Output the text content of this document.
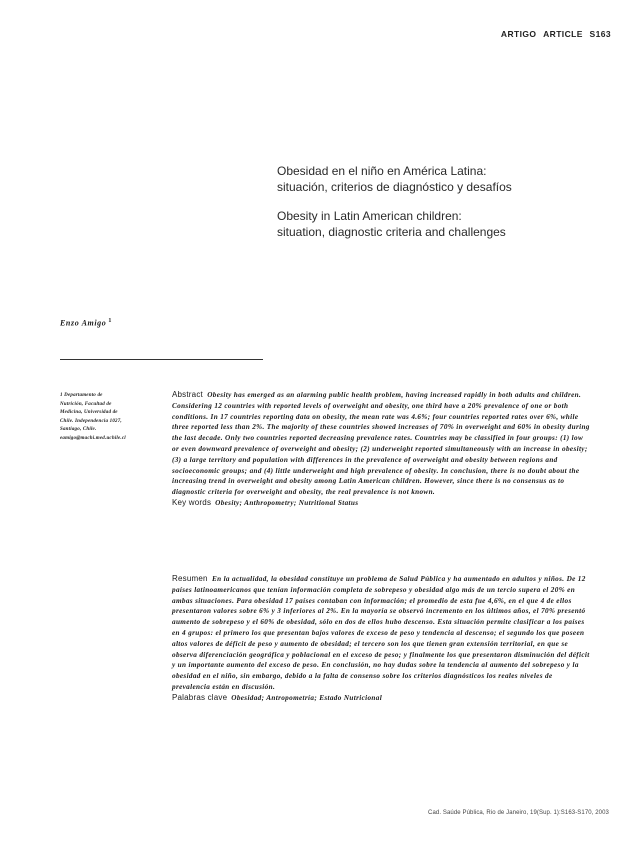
ARTIGO ARTICLE S163
Obesidad en el niño en América Latina:
situación, criterios de diagnóstico y desafíos
Obesity in Latin American children:
situation, diagnostic criteria and challenges
Enzo Amigo $^1$
1 Departamento de
Nutrición, Facultad de
Medicina, Universidad de
Chile. Independencia 1027,
Santiago, Chile.
eamigo@machi.med.uchile.cl
Abstract Obesity has emerged as an alarming public health problem, having increased rapidly in both adults and children. Considering 12 countries with reported levels of overweight and obesity, one third have a 20% prevalence of one or both conditions. In 17 countries reporting data on obesity, the mean rate was 4.6%; four countries reported rates over 6%, while three reported less than 2%. The majority of these countries showed increases of 70% in overweight and 60% in obesity during the last decade. Only two countries reported decreasing prevalence rates. Countries may be classified in four groups: (1) low or even downward prevalence of overweight and obesity; (2) underweight reported simultaneously with an increase in obesity; (3) a large territory and population with differences in the prevalence of overweight and obesity between regions and socioeconomic groups; and (4) little underweight and high prevalence of obesity. In conclusion, there is no doubt about the increasing trend in overweight and obesity among Latin American children. However, since there is no consensus as to diagnostic criteria for overweight and obesity, the real prevalence is not known.
Key words Obesity; Anthropometry; Nutritional Status
Resumen En la actualidad, la obesidad constituye un problema de Salud Pública y ha aumentado en adultos y niños. De 12 países latinoamericanos que tenían información completa de sobrepeso y obesidad algo más de un tercio supera el 20% en ambas situaciones. Para obesidad 17 países contaban con información; el promedio de esta fue 4,6%, en el que 4 de ellos presentaron valores sobre 6% y 3 inferiores al 2%. En la mayoría se observó incremento en los últimos años, el 70% presentó aumento de sobrepeso y el 60% de obesidad, sólo en dos de ellos hubo descenso. Esta situación permite clasificar a los países en 4 grupos: el primero los que presentan bajos valores de exceso de peso y tendencia al descenso; el segundo los que poseen altos valores de déficit de peso y aumento de obesidad; el tercero son los que tienen gran extensión territorial, en que se observa diferenciación geográfica y poblacional en el exceso de peso; y finalmente los que presentaron disminución del déficit y un importante aumento del exceso de peso. En conclusión, no hay dudas sobre la tendencia al aumento del sobrepeso y la obesidad en el niño, sin embargo, debido a la falta de consenso sobre los criterios diagnósticos los reales niveles de prevalencia están en discusión.
Palabras clave Obesidad; Antropometría; Estado Nutricional
Cad. Saúde Pública, Rio de Janeiro, 19(Sup. 1):S163-S170, 2003
